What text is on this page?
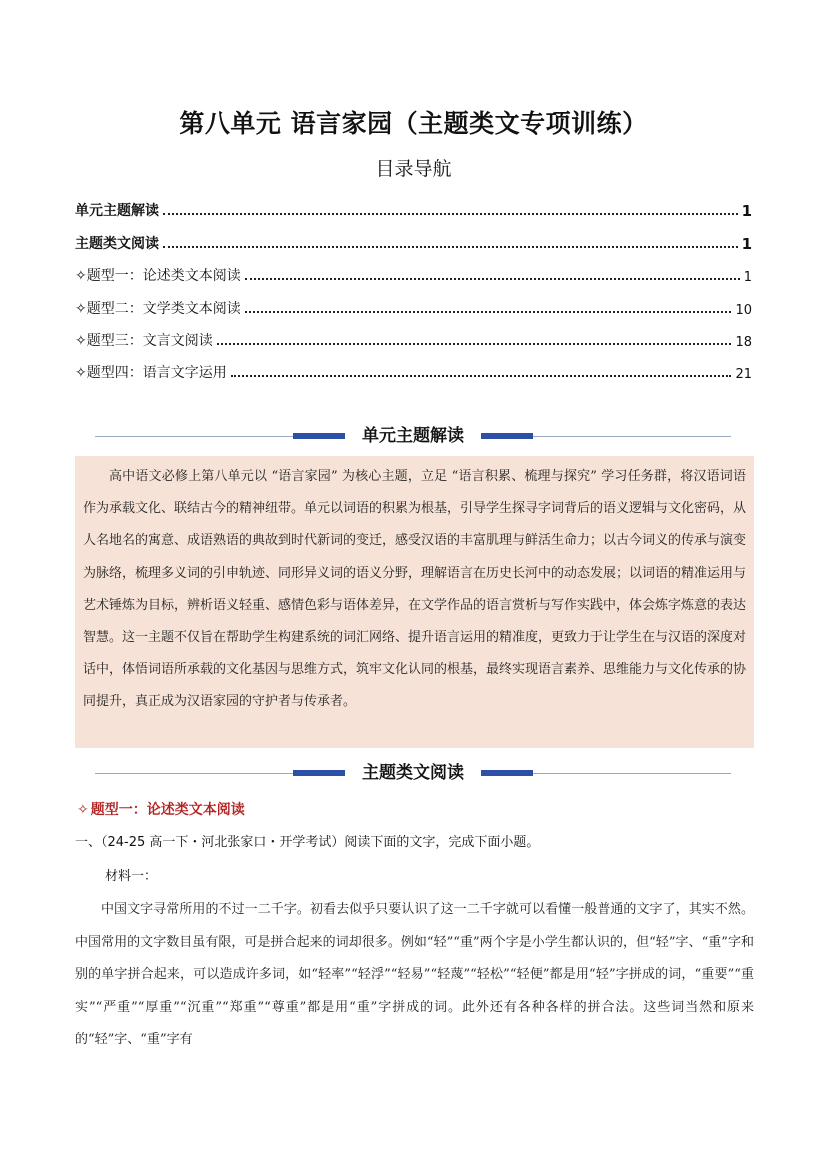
第八单元 语言家园（主题类文专项训练）
目录导航
单元主题解读	1
主题类文阅读	1
✧题型一：论述类文本阅读	1
✧题型二：文学类文本阅读	10
✧题型三：文言文阅读	18
✧题型四：语言文字运用	21
单元主题解读
高中语文必修上第八单元以 “语言家园” 为核心主题，立足 “语言积累、梳理与探究” 学习任务群，将汉语词语作为承载文化、联结古今的精神纽带。单元以词语的积累为根基，引导学生探寻字词背后的语义逻辑与文化密码，从人名地名的寓意、成语熟语的典故到时代新词的变迁，感受汉语的丰富肌理与鲜活生命力；以古今词义的传承与演变为脉络，梳理多义词的引申轨迹、同形异义词的语义分野，理解语言在历史长河中的动态发展；以词语的精准运用与艺术锤炼为目标，辨析语义轻重、感情色彩与语体差异，在文学作品的语言赏析与写作实践中，体会炼字炼意的表达智慧。这一主题不仅旨在帮助学生构建系统的词汇网络、提升语言运用的精准度，更致力于让学生在与汉语的深度对话中，体悟词语所承载的文化基因与思维方式，筑牢文化认同的根基，最终实现语言素养、思维能力与文化传承的协同提升，真正成为汉语家园的守护者与传承者。
主题类文阅读
✧ 题型一：论述类文本阅读
一、（24-25 高一下・河北张家口・开学考试）阅读下面的文字，完成下面小题。
材料一：
中国文字寻常所用的不过一二千字。初看去似乎只要认识了这一二千字就可以看懂一般普通的文字了，其实不然。中国常用的文字数目虽有限，可是拼合起来的词却很多。例如“轻”“重”两个字是小学生都认识的，但“轻”字、“重”字和别的单字拼合起来，可以造成许多词，如“轻率”“轻浮”“轻易”“轻蔑”“轻松”“轻便”都是用“轻”字拼成的词，“重要”“重实”“严重”“厚重”“沉重”“郑重”“尊重”都是用“重”字拼成的词。此外还有各种各样的拼合法。这些词当然和原来的“轻”字、“重”字有
